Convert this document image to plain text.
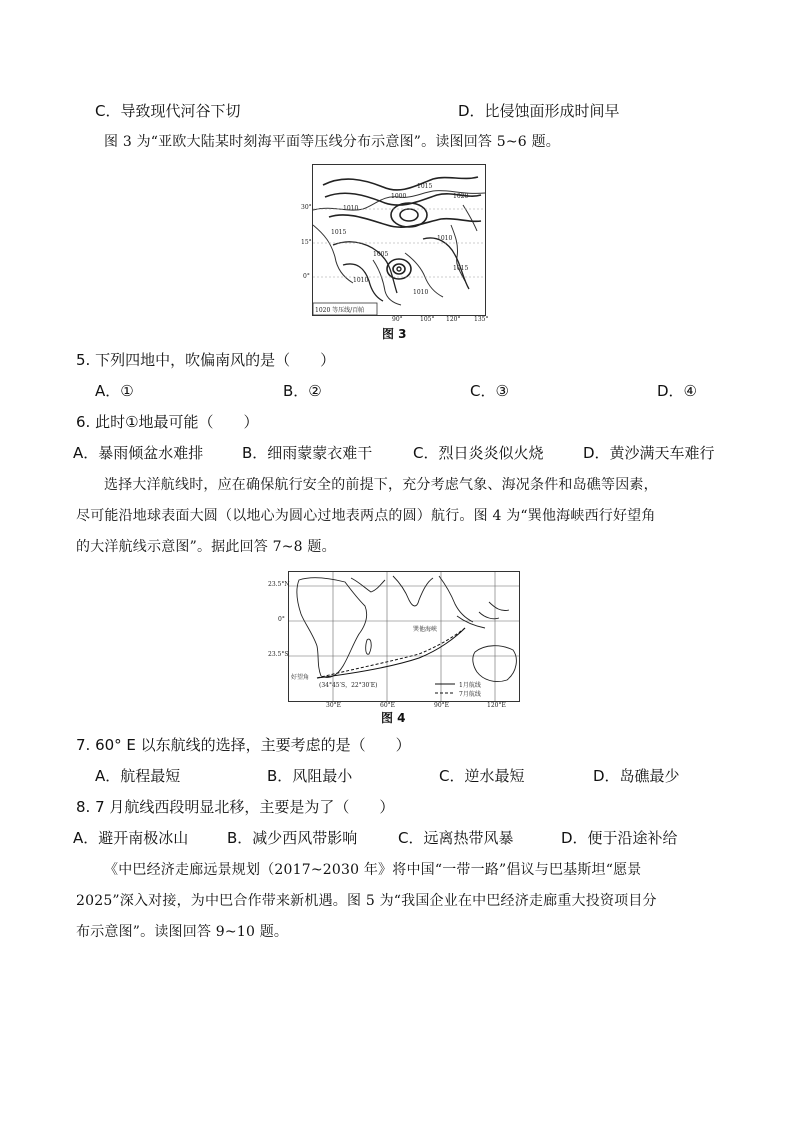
C．导致现代河谷下切	D．比侵蚀面形成时间早
图 3 为“亚欧大陆某时刻海平面等压线分布示意图”。读图回答 5~6 题。
1020 等压线/百帕
1000
1010
1015
1020
1015
1005
1010
1015
1010
1010
30°
15°
0°
90°	105° 120° 135°
图 3
5. 下列四地中，吹偏南风的是（　　）
A．①	B．②	C．③	D．④
6. 此时①地最可能（　　）
A．暴雨倾盆水难排	B．细雨蒙蒙衣难干	C．烈日炎炎似火烧	D．黄沙满天车难行
选择大洋航线时，应在确保航行安全的前提下，充分考虑气象、海况条件和岛礁等因素，
尽可能沿地球表面大圆（以地心为圆心过地表两点的圆）航行。图 4 为“巽他海峡西行好望角
的大洋航线示意图”。据此回答 7~8 题。
巽他海峡
好望角
(34°45′S，22°30′E)	1月航线
7月航线
23.5°N
0°
23.5°S
30°E	60°E	90°E	120°E
图 4
7. 60° E 以东航线的选择，主要考虑的是（　　）
A．航程最短	B．风阻最小	C．逆水最短	D．岛礁最少
8. 7 月航线西段明显北移，主要是为了（　　）
A．避开南极冰山	B．减少西风带影响	C．远离热带风暴	D．便于沿途补给
《中巴经济走廊远景规划（2017~2030 年》将中国“一带一路”倡议与巴基斯坦“愿景
2025”深入对接，为中巴合作带来新机遇。图 5 为“我国企业在中巴经济走廊重大投资项目分
布示意图”。读图回答 9~10 题。
